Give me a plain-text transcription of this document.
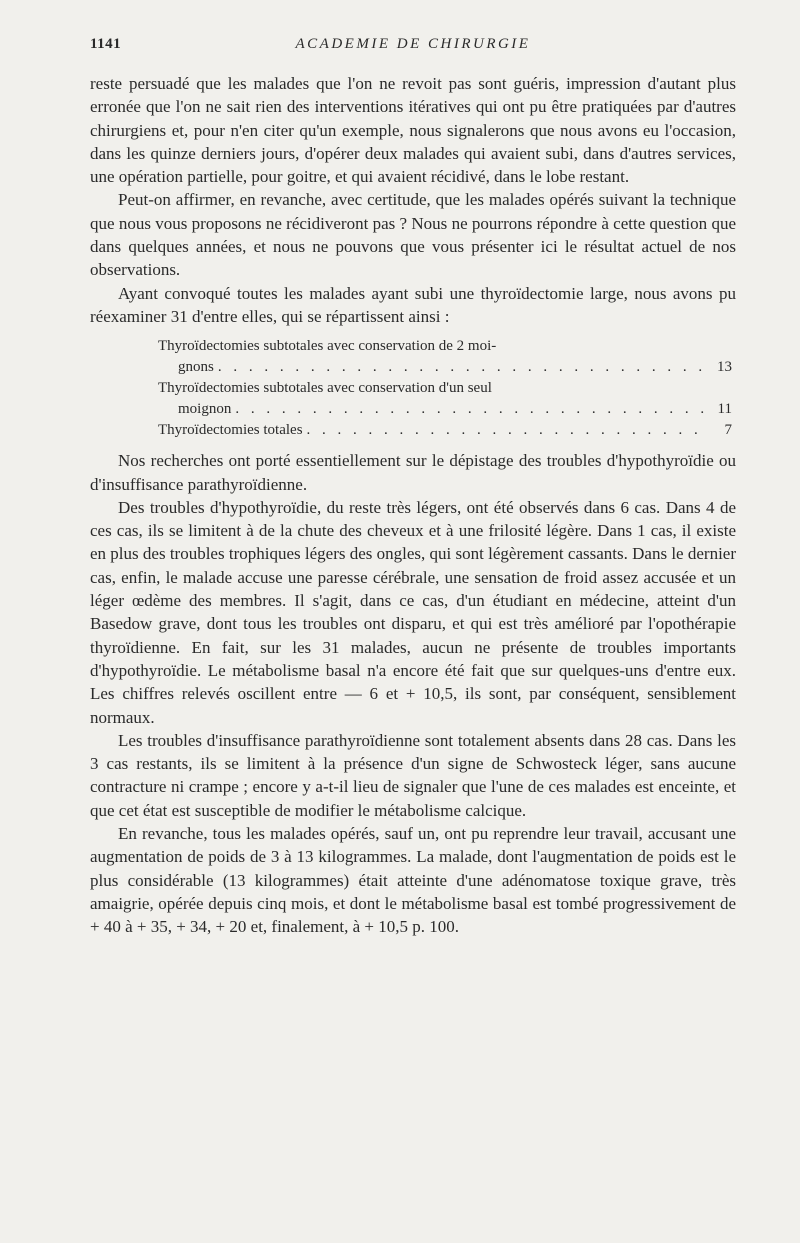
1141	ACADEMIE DE CHIRURGIE

reste persuadé que les malades que l'on ne revoit pas sont guéris, impression d'autant plus erronée que l'on ne sait rien des interventions itératives qui ont pu être pratiquées par d'autres chirurgiens et, pour n'en citer qu'un exemple, nous signalerons que nous avons eu l'occasion, dans les quinze derniers jours, d'opérer deux malades qui avaient subi, dans d'autres services, une opération partielle, pour goitre, et qui avaient récidivé, dans le lobe restant.

Peut-on affirmer, en revanche, avec certitude, que les malades opérés suivant la technique que nous vous proposons ne récidiveront pas ? Nous ne pourrons répondre à cette question que dans quelques années, et nous ne pouvons que vous présenter ici le résultat actuel de nos observations.

Ayant convoqué toutes les malades ayant subi une thyroïdectomie large, nous avons pu réexaminer 31 d'entre elles, qui se répartissent ainsi :

Thyroïdectomies subtotales avec conservation de 2 moi-
gnons . . .	13
Thyroïdectomies subtotales avec conservation d'un seul
moignon . . .	11
Thyroïdectomies totales . . .	7

Nos recherches ont porté essentiellement sur le dépistage des troubles d'hypothyroïdie ou d'insuffisance parathyroïdienne.

Des troubles d'hypothyroïdie, du reste très légers, ont été observés dans 6 cas. Dans 4 de ces cas, ils se limitent à de la chute des cheveux et à une frilosité légère. Dans 1 cas, il existe en plus des troubles trophiques légers des ongles, qui sont légèrement cassants. Dans le dernier cas, enfin, le malade accuse une paresse cérébrale, une sensation de froid assez accusée et un léger œdème des membres. Il s'agit, dans ce cas, d'un étudiant en médecine, atteint d'un Basedow grave, dont tous les troubles ont disparu, et qui est très amélioré par l'opothérapie thyroïdienne. En fait, sur les 31 malades, aucun ne présente de troubles importants d'hypothyroïdie. Le métabolisme basal n'a encore été fait que sur quelques-uns d'entre eux. Les chiffres relevés oscillent entre — 6 et + 10,5, ils sont, par conséquent, sensiblement normaux.

Les troubles d'insuffisance parathyroïdienne sont totalement absents dans 28 cas. Dans les 3 cas restants, ils se limitent à la présence d'un signe de Schwosteck léger, sans aucune contracture ni crampe ; encore y a-t-il lieu de signaler que l'une de ces malades est enceinte, et que cet état est susceptible de modifier le métabolisme calcique.

En revanche, tous les malades opérés, sauf un, ont pu reprendre leur travail, accusant une augmentation de poids de 3 à 13 kilogrammes. La malade, dont l'augmentation de poids est le plus considérable (13 kilogrammes) était atteinte d'une adénomatose toxique grave, très amaigrie, opérée depuis cinq mois, et dont le métabolisme basal est tombé progressivement de + 40 à + 35, + 34, + 20 et, finalement, à + 10,5 p. 100.
